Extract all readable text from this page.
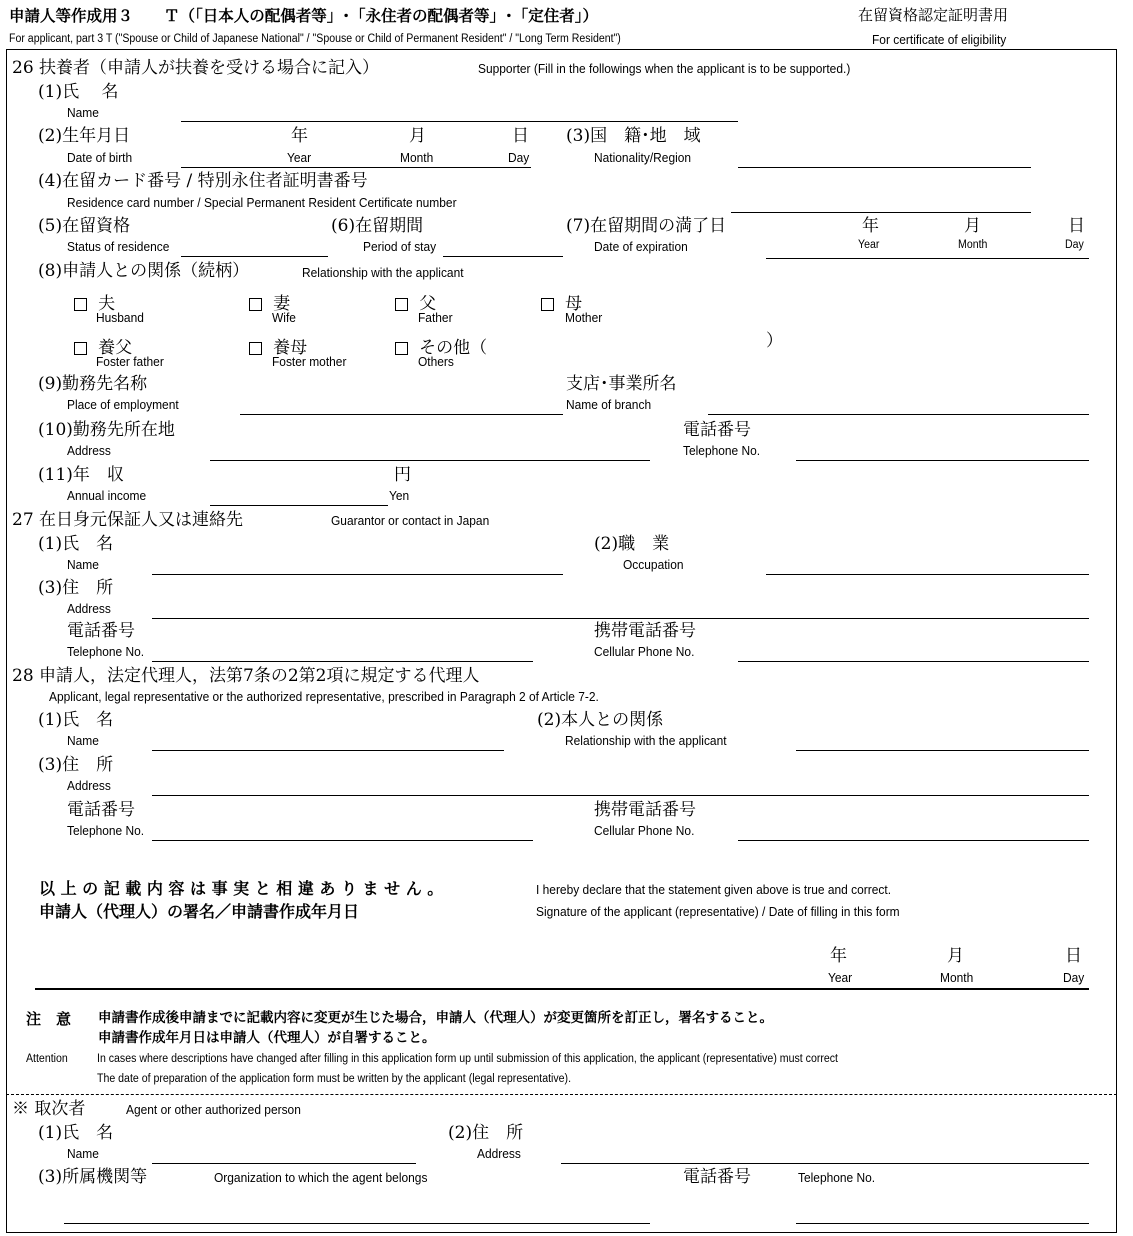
申請人等作成用３　　Ｔ（「日本人の配偶者等」･「永住者の配偶者等」･「定住者」）
For applicant, part 3 T ("Spouse or Child of Japanese National" / "Spouse or Child of Permanent Resident" / "Long Term Resident")
在留資格認定証明書用
For certificate of eligibility
26 扶養者（申請人が扶養を受ける場合に記入）	Supporter (Fill in the followings when the applicant is to be supported.)
(1)氏　 名
Name
(2)生年月日
Date of birth
年
Year
月
Month
日
Day
(3)国　籍･地　域
Nationality/Region
(4)在留カード番号 / 特別永住者証明書番号
Residence card number / Special Permanent Resident Certificate number
(5)在留資格
Status of residence
(6)在留期間
Period of stay
(7)在留期間の満了日
Date of expiration
年
Year
月
Month
日
Day
(8)申請人との関係（続柄）	Relationship with the applicant
夫
Husband
妻
Wife
父
Father
母
Mother
養父
Foster father
養母
Foster mother
その他（
Others
）
(9)勤務先名称
Place of employment
支店･事業所名
Name of branch
(10)勤務先所在地
Address
電話番号
Telephone No.
(11)年　収
Annual income
円
Yen
27 在日身元保証人又は連絡先	Guarantor or contact in Japan
(1)氏　名
Name
(2)職　業
Occupation
(3)住　所
Address
電話番号
Telephone No.
携帯電話番号
Cellular Phone No.
28 申請人，法定代理人，法第7条の2第2項に規定する代理人
Applicant, legal representative or the authorized representative, prescribed in Paragraph 2 of Article 7-2.
(1)氏　名
Name
(2)本人との関係
Relationship with the applicant
(3)住　所
Address
電話番号
Telephone No.
携帯電話番号
Cellular Phone No.
以 上 の 記 載 内 容 は 事 実 と 相 違 あ り ま せ ん 。
申請人（代理人）の署名／申請書作成年月日
I hereby declare that the statement given above is true and correct.
Signature of the applicant (representative) / Date of filling in this form
年
Year
月
Month
日
Day
注　意 申請書作成後申請までに記載内容に変更が生じた場合，申請人（代理人）が変更箇所を訂正し，署名すること。
申請書作成年月日は申請人（代理人）が自署すること。
Attention	In cases where descriptions have changed after filling in this application form up until submission of this application, the applicant (representative) must correct
The date of preparation of the application form must be written by the applicant (legal representative).
※ 取次者	Agent or other authorized person
(1)氏　名
Name
(2)住　所
Address
(3)所属機関等	Organization to which the agent belongs	電話番号	Telephone No.
